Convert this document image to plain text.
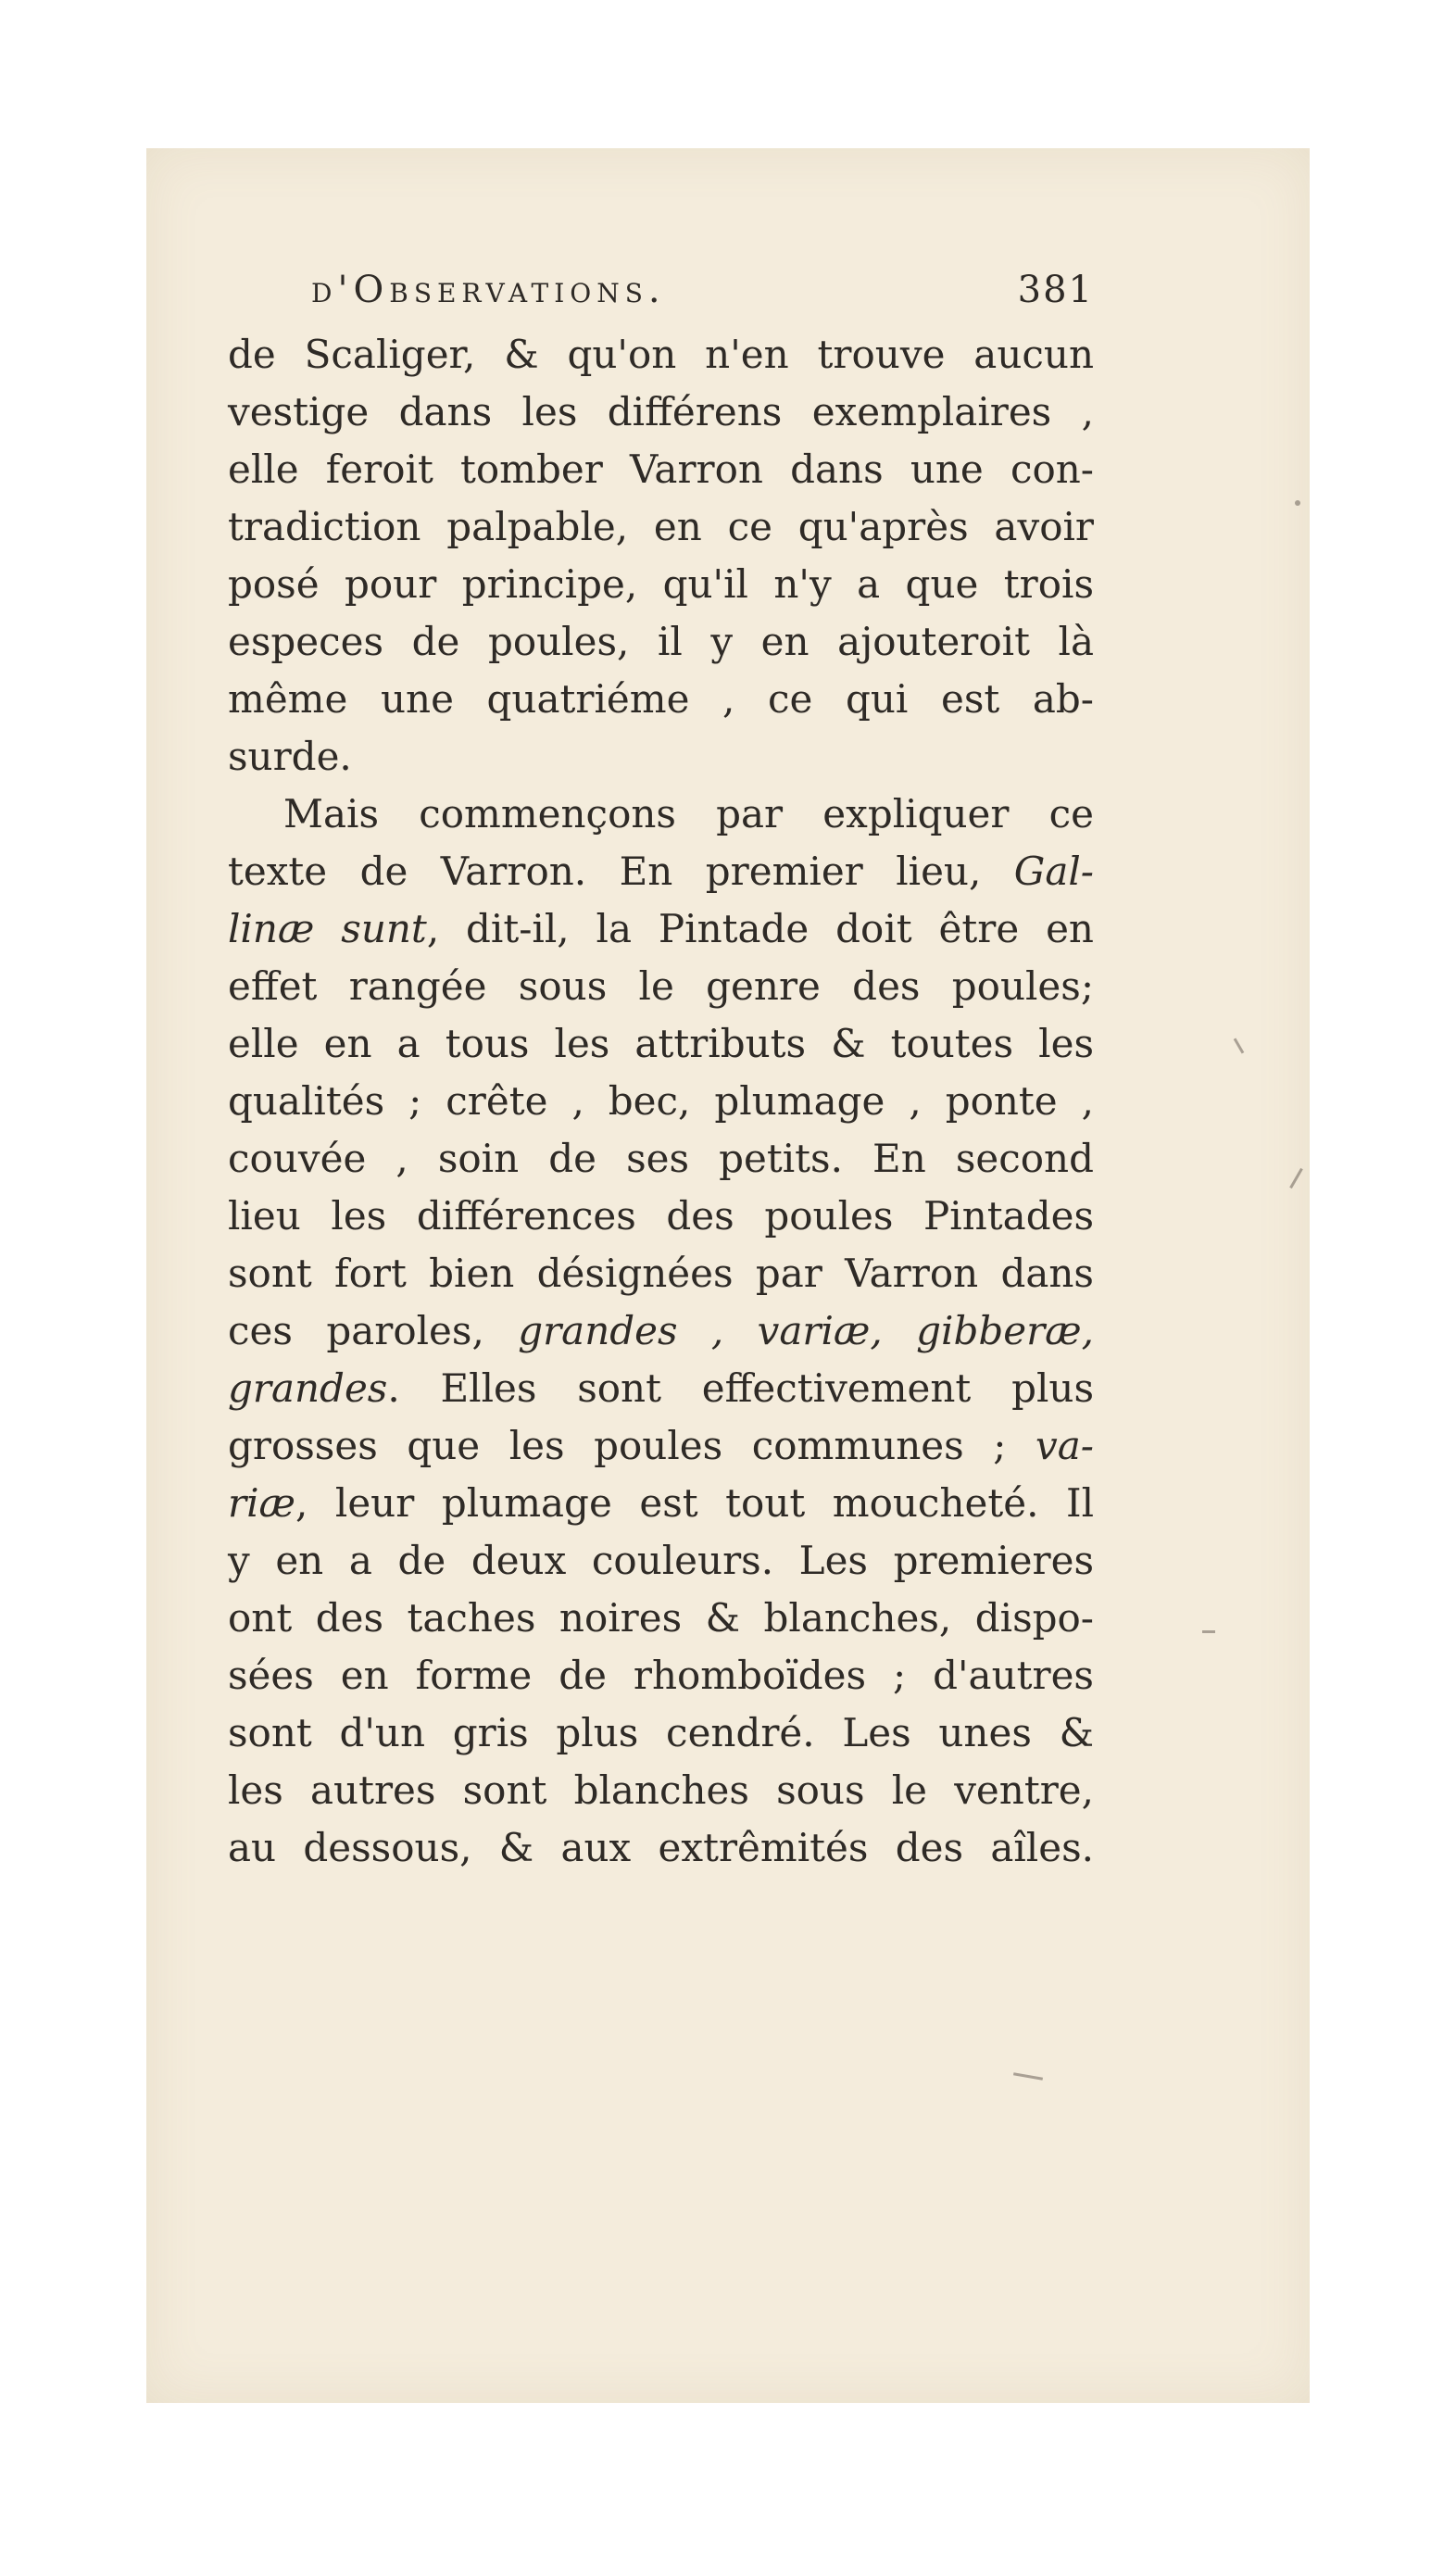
d'Observations.	381
de Scaliger, & qu'on n'en trouve aucun
vestige dans les différens exemplaires ,
elle feroit tomber Varron dans une con-
tradiction palpable, en ce qu'après avoir
posé pour principe, qu'il n'y a que trois
especes de poules, il y en ajouteroit là
même une quatriéme , ce qui est ab-
surde.
Mais commençons par expliquer ce
texte de Varron. En premier lieu, Gal-
linæ sunt, dit-il, la Pintade doit être en
effet rangée sous le genre des poules;
elle en a tous les attributs & toutes les
qualités ; crête , bec, plumage , ponte ,
couvée , soin de ses petits. En second
lieu les différences des poules Pintades
sont fort bien désignées par Varron dans
ces paroles, grandes , variæ, gibberæ,
grandes. Elles sont effectivement plus
grosses que les poules communes ; va-
riæ, leur plumage est tout moucheté. Il
y en a de deux couleurs. Les premieres
ont des taches noires & blanches, dispo-
sées en forme de rhomboïdes ; d'autres
sont d'un gris plus cendré. Les unes &
les autres sont blanches sous le ventre,
au dessous, & aux extrêmités des aîles.
